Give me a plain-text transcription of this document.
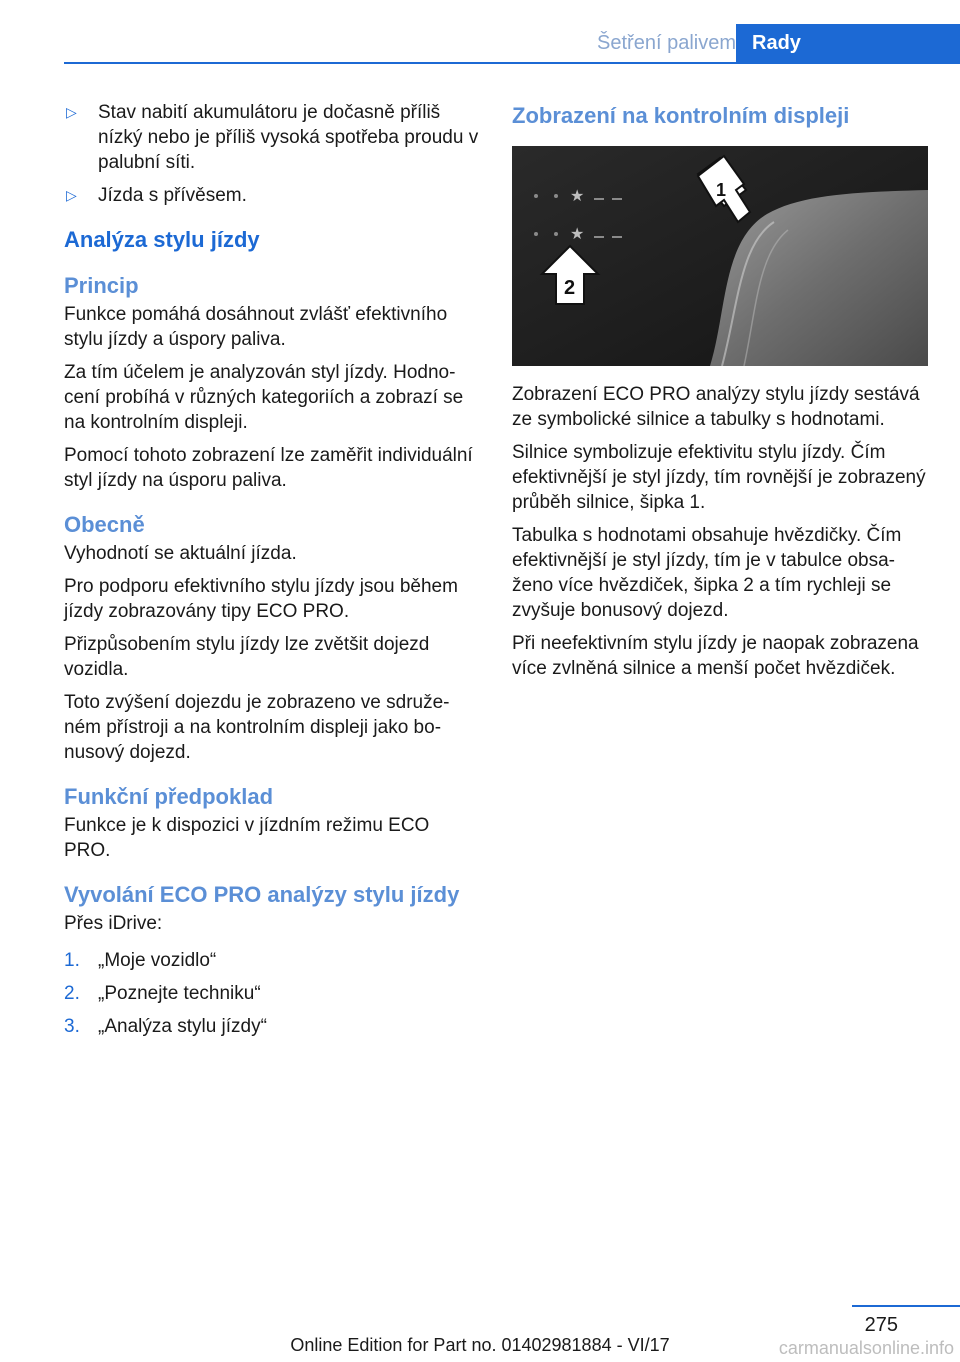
Šetření palivem Rady
▷ Stav nabití akumulátoru je dočasně příliš nízký nebo je příliš vysoká spotřeba proudu v palubní síti.
▷ Jízda s přívěsem.
Analýza stylu jízdy
Princip

Funkce pomáhá dosáhnout zvlášť efektivního stylu jízdy a úspory paliva.

Za tím účelem je analyzován styl jízdy. Hodnocení probíhá v různých kategoriích a zobrazí se na kontrolním displeji.

Pomocí tohoto zobrazení lze zaměřit individuální styl jízdy na úsporu paliva.

Obecně

Vyhodnotí se aktuální jízda.

Pro podporu efektivního stylu jízdy jsou během jízdy zobrazovány tipy ECO PRO.

Přizpůsobením stylu jízdy lze zvětšit dojezd vozidla.

Toto zvýšení dojezdu je zobrazeno ve sdruženém přístroji a na kontrolním displeji jako bonusový dojezd.

Funkční předpoklad

Funkce je k dispozici v jízdním režimu ECO PRO.

Vyvolání ECO PRO analýzy stylu jízdy

Přes iDrive:

1. „Moje vozidlo“
2. „Poznejte techniku“
3. „Analýza stylu jízdy“
Zobrazení na kontrolním displeji
★
★
1
2

Zobrazení ECO PRO analýzy stylu jízdy sestává ze symbolické silnice a tabulky s hodnotami.

Silnice symbolizuje efektivitu stylu jízdy. Čím efektivnější je styl jízdy, tím rovnější je zobrazený průběh silnice, šipka 1.

Tabulka s hodnotami obsahuje hvězdičky. Čím efektivnější je styl jízdy, tím je v tabulce obsaženo více hvězdiček, šipka 2 a tím rychleji se zvyšuje bonusový dojezd.

Při neefektivním stylu jízdy je naopak zobrazena více zvlněná silnice a menší počet hvězdiček.

275
Online Edition for Part no. 01402981884 - VI/17	carmanualsonline.info
